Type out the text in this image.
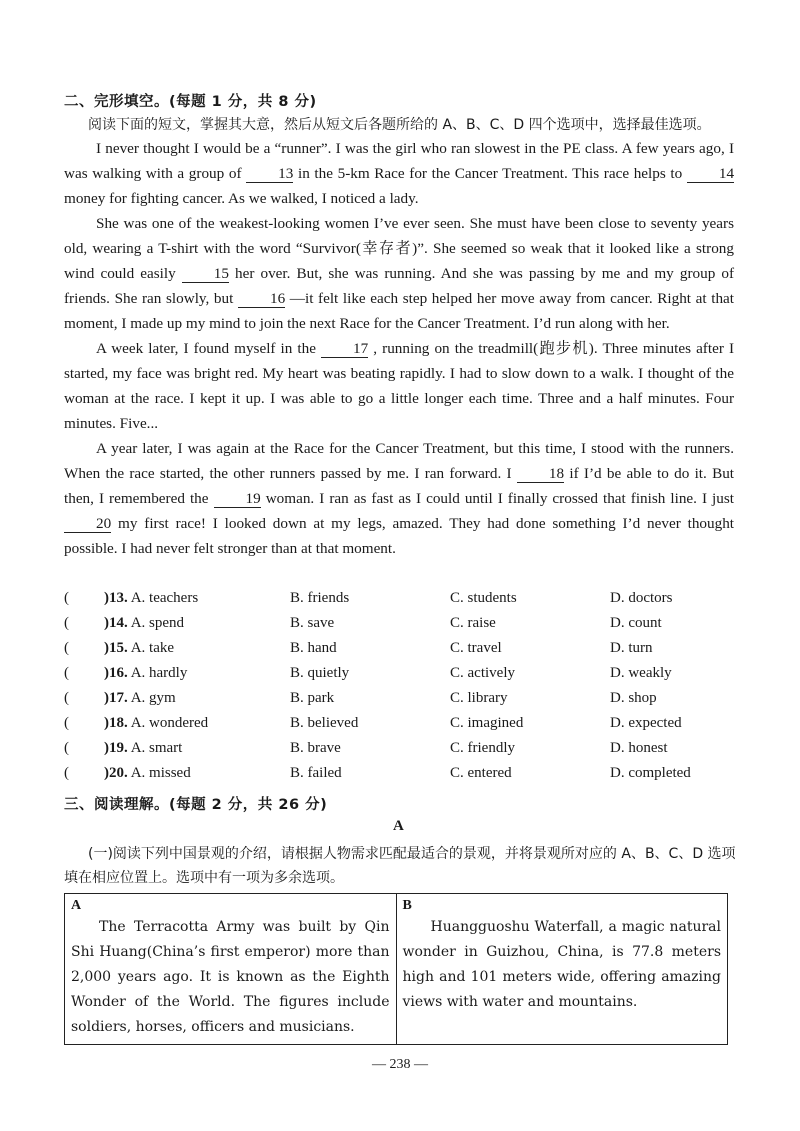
二、完形填空。(每题 1 分，共 8 分)
阅读下面的短文，掌握其大意，然后从短文后各题所给的 A、B、C、D 四个选项中，选择最佳选项。

I never thought I would be a “runner”. I was the girl who ran slowest in the PE class. A few years ago, I was walking with a group of 13 in the 5-km Race for the Cancer Treatment. This race helps to 14 money for fighting cancer. As we walked, I noticed a lady.

She was one of the weakest-looking women I’ve ever seen. She must have been close to seventy years old, wearing a T-shirt with the word “Survivor(幸存者)”. She seemed so weak that it looked like a strong wind could easily	15 her over. But, she was running. And she was passing by me and my group of friends. She ran slowly, but 16 —it felt like each step helped her move away from cancer. Right at that moment, I made up my mind to join the next Race for the Cancer Treatment. I’d run along with her.

A week later, I found myself in the 17 , running on the treadmill(跑步机). Three minutes after I started, my face was bright red. My heart was beating rapidly. I had to slow down to a walk. I thought of the woman at the race. I kept it up. I was able to go a little longer each time. Three and a half minutes. Four minutes. Five...

A year later, I was again at the Race for the Cancer Treatment, but this time, I stood with the runners. When the race started, the other runners passed by me. I ran forward. I 18 if I’d be able to do it. But then, I remembered the 19 woman. I ran as fast as I could until I finally crossed that finish line. I just 20 my first race! I looked down at my legs, amazed. They had done something I’d never thought possible. I had never felt stronger than at that moment.

( )13. A. teachers	B. friends	C. students	D. doctors
( )14. A. spend	B. save	C. raise	D. count
( )15. A. take	B. hand	C. travel	D. turn
( )16. A. hardly	B. quietly	C. actively	D. weakly
( )17. A. gym	B. park	C. library	D. shop
( )18. A. wondered	B. believed	C. imagined	D. expected
( )19. A. smart	B. brave	C. friendly	D. honest
( )20. A. missed	B. failed	C. entered	D. completed
三、阅读理解。(每题 2 分，共 26 分)
A
(一)阅读下列中国景观的介绍，请根据人物需求匹配最适合的景观，并将景观所对应的 A、B、C、D 选项填在相应位置上。选项中有一项为多余选项。
A
The Terracotta Army was built by Qin Shi Huang(China’s first emperor) more than 2,000 years ago. It is known as the Eighth Wonder of the World. The figures include soldiers, horses, officers and musicians.

B
Huangguoshu Waterfall, a magic natural wonder in Guizhou, China, is 77.8 meters high and 101 meters wide, offering amazing views with water and mountains.
— 238 —
